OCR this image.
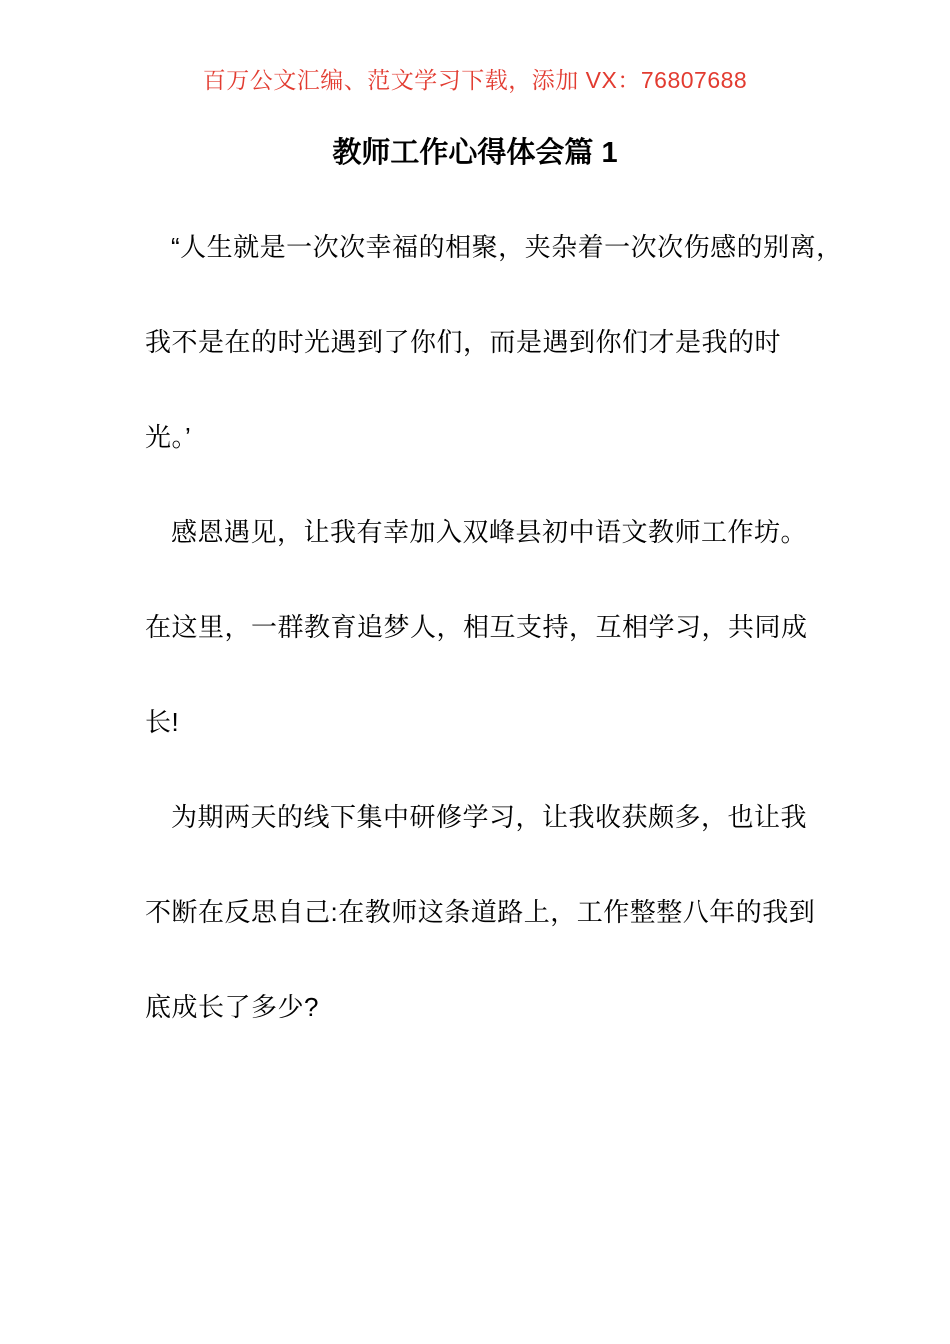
百万公文汇编、范文学习下载，添加 VX：76807688
教师工作心得体会篇 1
“人生就是一次次幸福的相聚，夹杂着一次次伤感的别离，
我不是在的时光遇到了你们，而是遇到你们才是我的时
光。’
感恩遇见，让我有幸加入双峰县初中语文教师工作坊。
在这里，一群教育追梦人，相互支持，互相学习，共同成
长!
为期两天的线下集中研修学习，让我收获颇多，也让我
不断在反思自己:在教师这条道路上，工作整整八年的我到
底成长了多少?
